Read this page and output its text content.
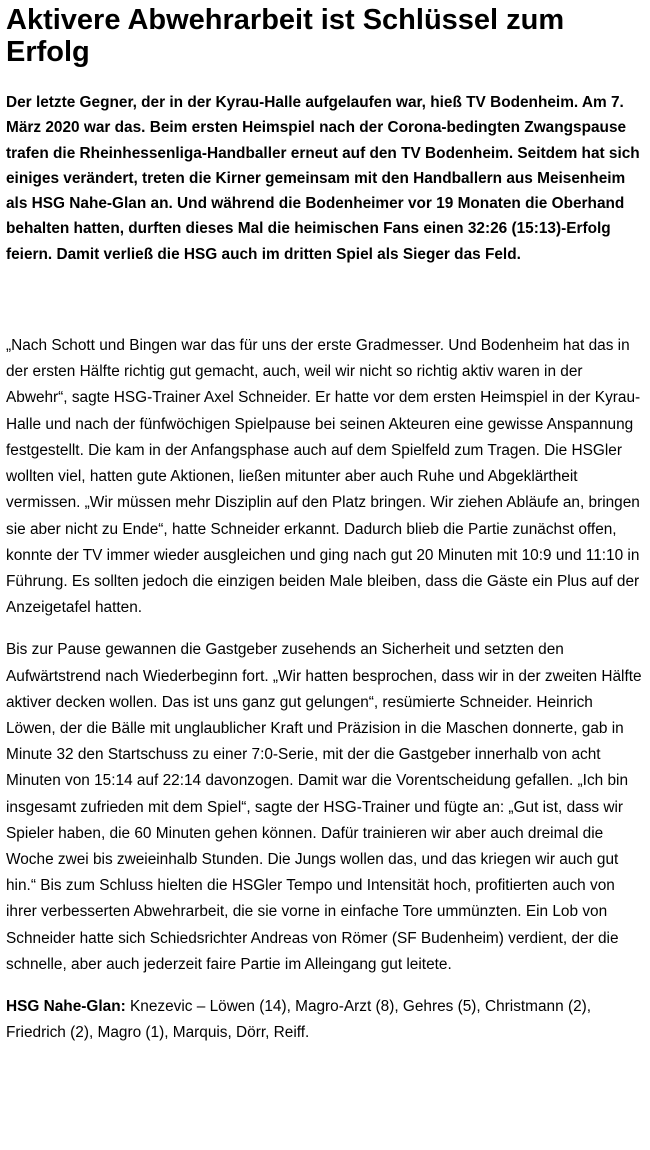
Aktivere Abwehrarbeit ist Schlüssel zum Erfolg

Der letzte Gegner, der in der Kyrau-Halle aufgelaufen war, hieß TV Bodenheim. Am 7. März 2020 war das. Beim ersten Heimspiel nach der Corona-bedingten Zwangspause trafen die Rheinhessenliga-Handballer erneut auf den TV Bodenheim. Seitdem hat sich einiges verändert, treten die Kirner gemeinsam mit den Handballern aus Meisenheim als HSG Nahe-Glan an. Und während die Bodenheimer vor 19 Monaten die Oberhand behalten hatten, durften dieses Mal die heimischen Fans einen 32:26 (15:13)-Erfolg feiern. Damit verließ die HSG auch im dritten Spiel als Sieger das Feld.

„Nach Schott und Bingen war das für uns der erste Gradmesser. Und Bodenheim hat das in der ersten Hälfte richtig gut gemacht, auch, weil wir nicht so richtig aktiv waren in der Abwehr“, sagte HSG-Trainer Axel Schneider. Er hatte vor dem ersten Heimspiel in der Kyrau-Halle und nach der fünfwöchigen Spielpause bei seinen Akteuren eine gewisse Anspannung festgestellt. Die kam in der Anfangsphase auch auf dem Spielfeld zum Tragen. Die HSGler wollten viel, hatten gute Aktionen, ließen mitunter aber auch Ruhe und Abgeklärtheit vermissen. „Wir müssen mehr Disziplin auf den Platz bringen. Wir ziehen Abläufe an, bringen sie aber nicht zu Ende“, hatte Schneider erkannt. Dadurch blieb die Partie zunächst offen, konnte der TV immer wieder ausgleichen und ging nach gut 20 Minuten mit 10:9 und 11:10 in Führung. Es sollten jedoch die einzigen beiden Male bleiben, dass die Gäste ein Plus auf der Anzeigetafel hatten.

Bis zur Pause gewannen die Gastgeber zusehends an Sicherheit und setzten den Aufwärtstrend nach Wiederbeginn fort. „Wir hatten besprochen, dass wir in der zweiten Hälfte aktiver decken wollen. Das ist uns ganz gut gelungen“, resümierte Schneider. Heinrich Löwen, der die Bälle mit unglaublicher Kraft und Präzision in die Maschen donnerte, gab in Minute 32 den Startschuss zu einer 7:0-Serie, mit der die Gastgeber innerhalb von acht Minuten von 15:14 auf 22:14 davonzogen. Damit war die Vorentscheidung gefallen. „Ich bin insgesamt zufrieden mit dem Spiel“, sagte der HSG-Trainer und fügte an: „Gut ist, dass wir Spieler haben, die 60 Minuten gehen können. Dafür trainieren wir aber auch dreimal die Woche zwei bis zweieinhalb Stunden. Die Jungs wollen das, und das kriegen wir auch gut hin.“ Bis zum Schluss hielten die HSGler Tempo und Intensität hoch, profitierten auch von ihrer verbesserten Abwehrarbeit, die sie vorne in einfache Tore ummünzten. Ein Lob von Schneider hatte sich Schiedsrichter Andreas von Römer (SF Budenheim) verdient, der die schnelle, aber auch jederzeit faire Partie im Alleingang gut leitete.

HSG Nahe-Glan: Knezevic – Löwen (14), Magro-Arzt (8), Gehres (5), Christmann (2), Friedrich (2), Magro (1), Marquis, Dörr, Reiff.
